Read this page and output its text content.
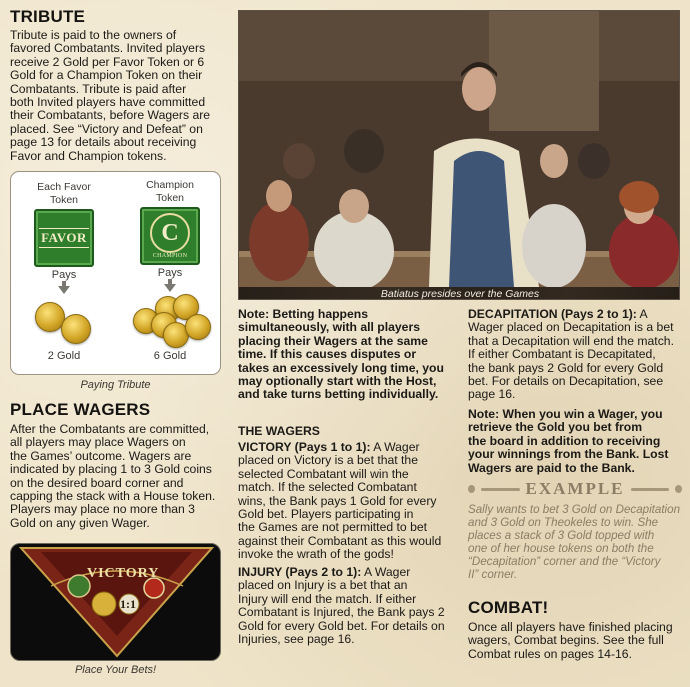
TRIBUTE
Tribute is paid to the owners of
favored Combatants. Invited players
receive 2 Gold per Favor Token or 6
Gold for a Champion Token on their
Combatants. Tribute is paid after
both Invited players have committed
their Combatants, before Wagers are
placed. See “Victory and Defeat” on
page 13 for details about receiving
Favor and Champion tokens.
Each Favor
Token
FAVOR
Pays
2 Gold
Champion
Token
C
CHAMPION
Pays
6 Gold
Paying Tribute
PLACE WAGERS
After the Combatants are committed,
all players may place Wagers on
the Games’ outcome. Wagers are
indicated by placing 1 to 3 Gold coins
on the desired board corner and
capping the stack with a House token.
Players may place no more than 3
Gold on any given Wager.
VICTORY
1:1
Place Your Bets!
Batiatus presides over the Games
Note: Betting happens
simultaneously, with all players
placing their Wagers at the same
time. If this causes disputes or
takes an excessively long time, you
may optionally start with the Host,
and take turns betting individually.
THE WAGERS
VICTORY (Pays 1 to 1): A Wager
placed on Victory is a bet that the
selected Combatant will win the
match. If the selected Combatant
wins, the Bank pays 1 Gold for every
Gold bet. Players participating in
the Games are not permitted to bet
against their Combatant as this would
invoke the wrath of the gods!
INJURY (Pays 2 to 1): A Wager
placed on Injury is a bet that an
Injury will end the match. If either
Combatant is Injured, the Bank pays 2
Gold for every Gold bet. For details on
Injuries, see page 16.
DECAPITATION (Pays 2 to 1): A
Wager placed on Decapitation is a bet
that a Decapitation will end the match.
If either Combatant is Decapitated,
the bank pays 2 Gold for every Gold
bet. For details on Decapitation, see
page 16.
Note: When you win a Wager, you
retrieve the Gold you bet from
the board in addition to receiving
your winnings from the Bank. Lost
Wagers are paid to the Bank.
EXAMPLE
Sally wants to bet 3 Gold on Decapitation
and 3 Gold on Theokeles to win. She
places a stack of 3 Gold topped with
one of her house tokens on both the
“Decapitation” corner and the “Victory
II” corner.
COMBAT!
Once all players have finished placing
wagers, Combat begins. See the full
Combat rules on pages 14-16.
